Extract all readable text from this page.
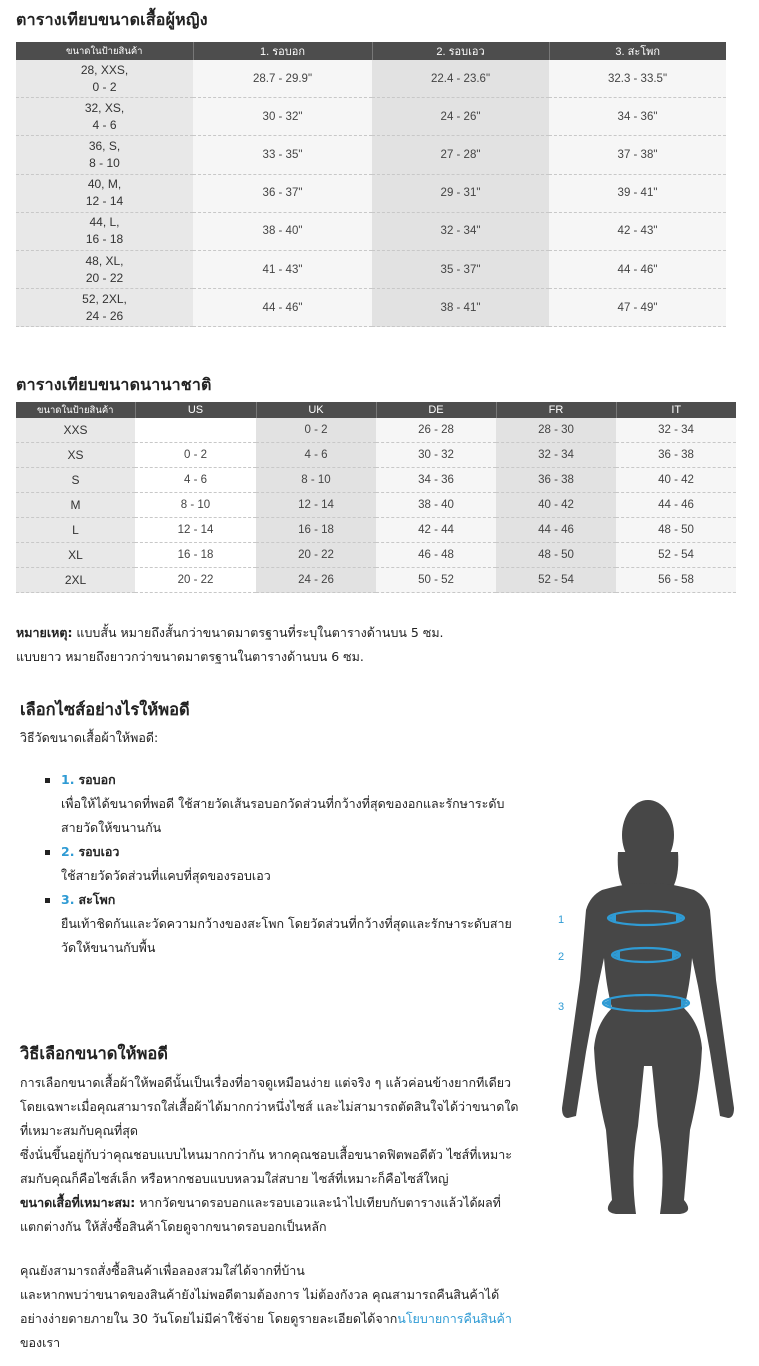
ตารางเทียบขนาดเสื้อผู้หญิง
ขนาดในป้ายสินค้า	1. รอบอก	2. รอบเอว	3. สะโพก

28, XXS,
0 - 2	28.7 - 29.9"	22.4 - 23.6"	32.3 - 33.5"

32, XS,
4 - 6	30 - 32"	24 - 26"	34 - 36"

36, S,
8 - 10	33 - 35"	27 - 28"	37 - 38"

40, M,
12 - 14	36 - 37"	29 - 31"	39 - 41"

44, L,
16 - 18	38 - 40"	32 - 34"	42 - 43"

48, XL,
20 - 22	41 - 43"	35 - 37"	44 - 46"

52, 2XL,
24 - 26	44 - 46"	38 - 41"	47 - 49"
ตารางเทียบขนาดนานาชาติ
ขนาดในป้ายสินค้า	US	UK	DE	FR	IT
XXS		0 - 2	26 - 28	28 - 30	32 - 34
XS	0 - 2	4 - 6	30 - 32	32 - 34	36 - 38
S	4 - 6	8 - 10	34 - 36	36 - 38	40 - 42
M	8 - 10	12 - 14	38 - 40	40 - 42	44 - 46
L	12 - 14	16 - 18	42 - 44	44 - 46	48 - 50
XL	16 - 18	20 - 22	46 - 48	48 - 50	52 - 54
2XL	20 - 22	24 - 26	50 - 52	52 - 54	56 - 58
หมายเหตุ: แบบสั้น หมายถึงสั้นกว่าขนาดมาตรฐานที่ระบุในตารางด้านบน 5 ซม.
แบบยาว หมายถึงยาวกว่าขนาดมาตรฐานในตารางด้านบน 6 ซม.
เลือกไซส์อย่างไรให้พอดี

วิธีวัดขนาดเสื้อผ้าให้พอดี:

1. รอบอก
เพื่อให้ได้ขนาดที่พอดี ใช้สายวัดเส้นรอบอกวัดส่วนที่กว้างที่สุดของอกและรักษาระดับสายวัดให้ขนานกัน
2. รอบเอว
ใช้สายวัดวัดส่วนที่แคบที่สุดของรอบเอว
3. สะโพก
ยืนเท้าชิดกันและวัดความกว้างของสะโพก โดยวัดส่วนที่กว้างที่สุดและรักษาระดับสายวัดให้ขนานกับพื้น
1
2
3
วิธีเลือกขนาดให้พอดี

การเลือกขนาดเสื้อผ้าให้พอดีนั้นเป็นเรื่องที่อาจดูเหมือนง่าย แต่จริง ๆ แล้วค่อนข้างยากทีเดียว โดยเฉพาะเมื่อคุณสามารถใส่เสื้อผ้าได้มากกว่าหนึ่งไซส์ และไม่สามารถตัดสินใจได้ว่าขนาดใดที่เหมาะสมกับคุณที่สุด

ซึ่งนั่นขึ้นอยู่กับว่าคุณชอบแบบไหนมากกว่ากัน หากคุณชอบเสื้อขนาดฟิตพอดีตัว ไซส์ที่เหมาะสมกับคุณก็คือไซส์เล็ก หรือหากชอบแบบหลวมใส่สบาย ไซส์ที่เหมาะก็คือไซส์ใหญ่

ขนาดเสื้อที่เหมาะสม: หากวัดขนาดรอบอกและรอบเอวและนำไปเทียบกับตารางแล้วได้ผลที่แตกต่างกัน ให้สั่งซื้อสินค้าโดยดูจากขนาดรอบอกเป็นหลัก

คุณยังสามารถสั่งซื้อสินค้าเพื่อลองสวมใส่ได้จากที่บ้าน
และหากพบว่าขนาดของสินค้ายังไม่พอดีตามต้องการ ไม่ต้องกังวล คุณสามารถคืนสินค้าได้อย่างง่ายดายภายใน 30 วันโดยไม่มีค่าใช้จ่าย โดยดูรายละเอียดได้จากนโยบายการคืนสินค้าของเรา
